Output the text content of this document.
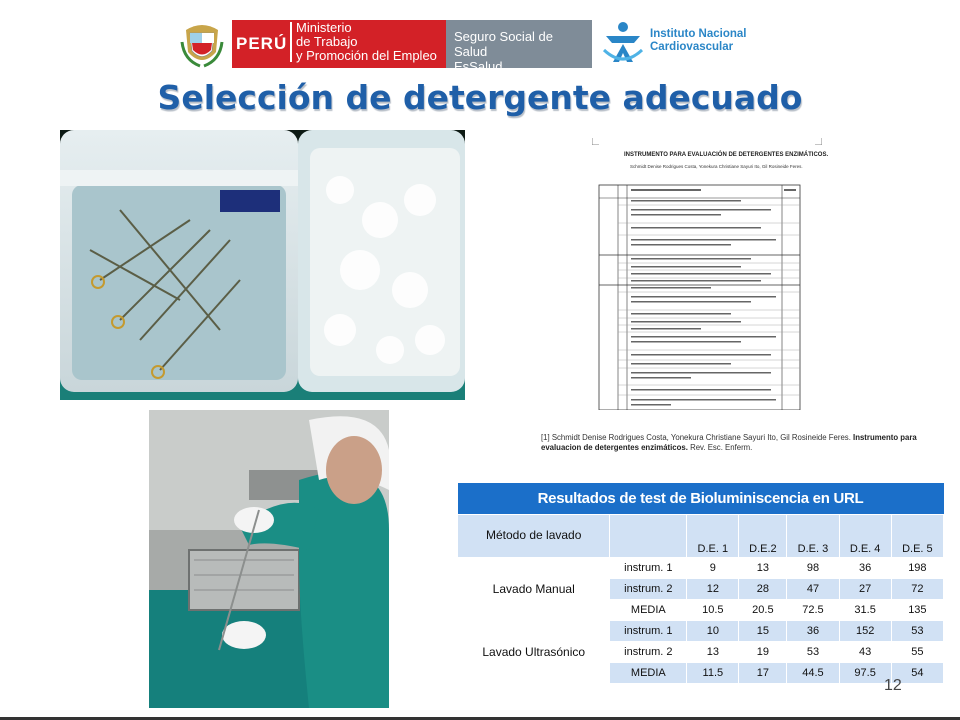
PERÚ
Ministerio
de Trabajo
y Promoción del Empleo
Seguro Social de Salud
EsSalud
Instituto Nacional
Cardiovascular
Selección de detergente adecuado
INSTRUMENTO PARA EVALUACIÓN DE DETERGENTES ENZIMÁTICOS.
Schmidt Denise Rodrigues Costa, Yonekura Christiane Sayuri Ito, Gil Rosineide Feres.
[1] Schmidt Denise Rodrigues Costa, Yonekura Christiane Sayuri Ito, Gil Rosineide Feres. Instrumento para evaluacion de detergentes enzimáticos. Rev. Esc. Enferm.
Resultados de test de Bioluminiscencia en URL						
Método de lavado		D.E. 1	D.E.2	D.E. 3	D.E. 4	D.E. 5
Lavado Manual	instrum. 1	9	13	98	36	198
	instrum. 2	12	28	47	27	72
	MEDIA	10.5	20.5	72.5	31.5	135
Lavado Ultrasónico	instrum. 1	10	15	36	152	53
	instrum. 2	13	19	53	43	55
	MEDIA	11.5	17	44.5	97.5	54
12
